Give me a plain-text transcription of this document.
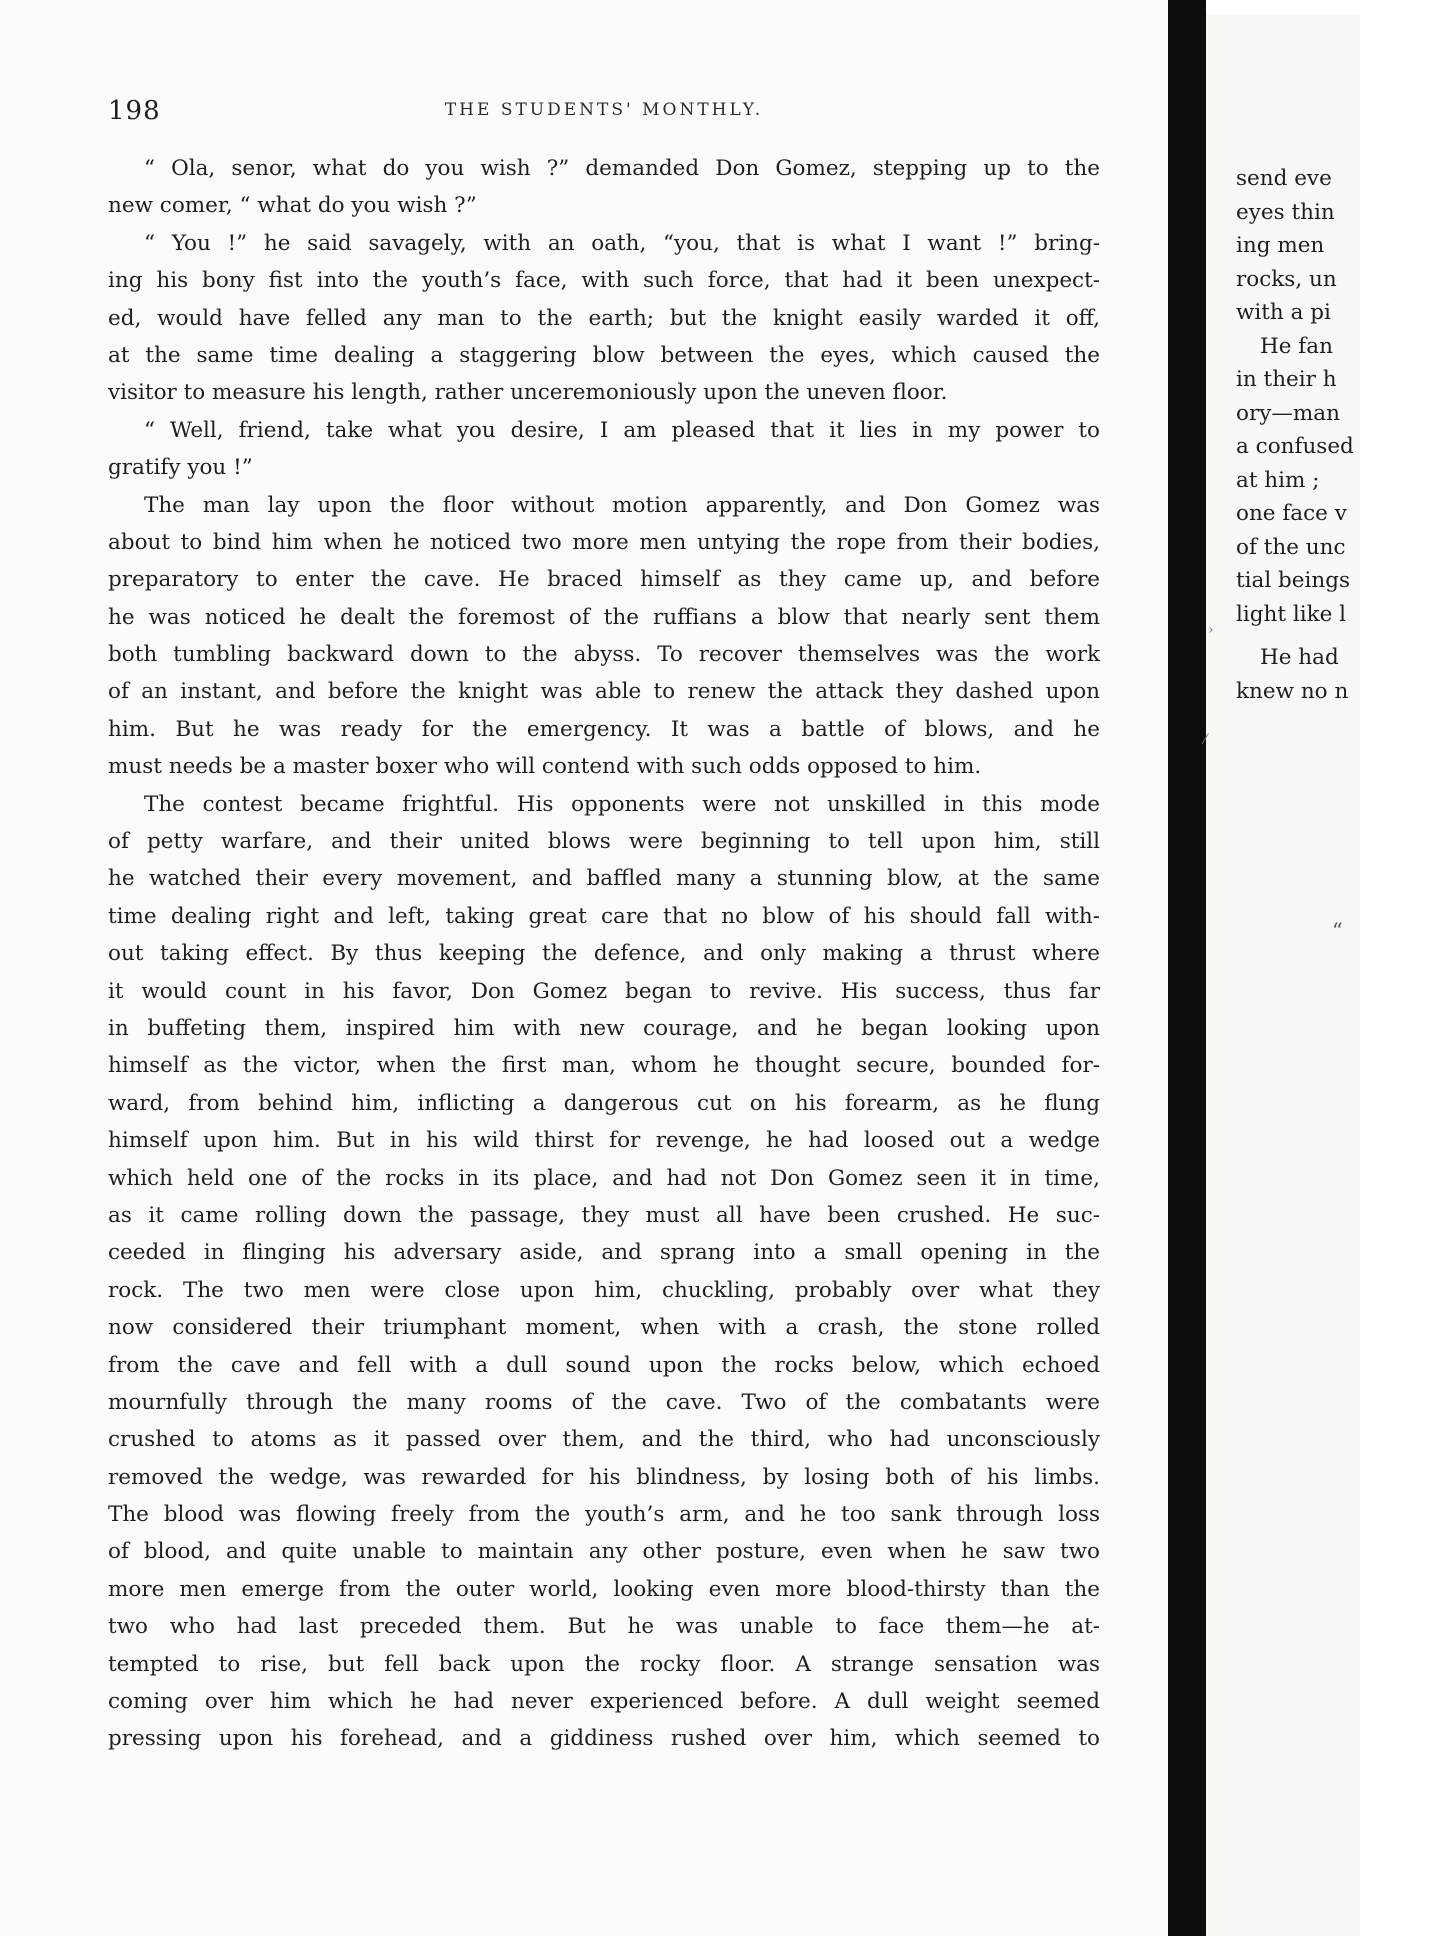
198	THE STUDENTS' MONTHLY.
“ Ola, senor, what do you wish ?” demanded Don Gomez, stepping up to the
new comer, “ what do you wish ?”
“ You !” he said savagely, with an oath, “you, that is what I want !” bring-
ing his bony fist into the youth’s face, with such force, that had it been unexpect-
ed, would have felled any man to the earth; but the knight easily warded it off,
at the same time dealing a staggering blow between the eyes, which caused the
visitor to measure his length, rather unceremoniously upon the uneven floor.
“ Well, friend, take what you desire, I am pleased that it lies in my power to
gratify you !”
The man lay upon the floor without motion apparently, and Don Gomez was
about to bind him when he noticed two more men untying the rope from their bodies,
preparatory to enter the cave. He braced himself as they came up, and before
he was noticed he dealt the foremost of the ruffians a blow that nearly sent them
both tumbling backward down to the abyss. To recover themselves was the work
of an instant, and before the knight was able to renew the attack they dashed upon
him. But he was ready for the emergency. It was a battle of blows, and he
must needs be a master boxer who will contend with such odds opposed to him.
The contest became frightful. His opponents were not unskilled in this mode
of petty warfare, and their united blows were beginning to tell upon him, still
he watched their every movement, and baffled many a stunning blow, at the same
time dealing right and left, taking great care that no blow of his should fall with-
out taking effect. By thus keeping the defence, and only making a thrust where
it would count in his favor, Don Gomez began to revive. His success, thus far
in buffeting them, inspired him with new courage, and he began looking upon
himself as the victor, when the first man, whom he thought secure, bounded for-
ward, from behind him, inflicting a dangerous cut on his forearm, as he flung
himself upon him. But in his wild thirst for revenge, he had loosed out a wedge
which held one of the rocks in its place, and had not Don Gomez seen it in time,
as it came rolling down the passage, they must all have been crushed. He suc-
ceeded in flinging his adversary aside, and sprang into a small opening in the
rock. The two men were close upon him, chuckling, probably over what they
now considered their triumphant moment, when with a crash, the stone rolled
from the cave and fell with a dull sound upon the rocks below, which echoed
mournfully through the many rooms of the cave. Two of the combatants were
crushed to atoms as it passed over them, and the third, who had unconsciously
removed the wedge, was rewarded for his blindness, by losing both of his limbs.
The blood was flowing freely from the youth’s arm, and he too sank through loss
of blood, and quite unable to maintain any other posture, even when he saw two
more men emerge from the outer world, looking even more blood-thirsty than the
two who had last preceded them. But he was unable to face them—he at-
tempted to rise, but fell back upon the rocky floor. A strange sensation was
coming over him which he had never experienced before. A dull weight seemed
pressing upon his forehead, and a giddiness rushed over him, which seemed to
send eve
eyes thin
ing men
rocks, un
with a pi
He fan
in their h
ory—man
a confused
at him ;
one face v
of the unc
tial beings
light like l
He had
knew no n
“
›
⁄
